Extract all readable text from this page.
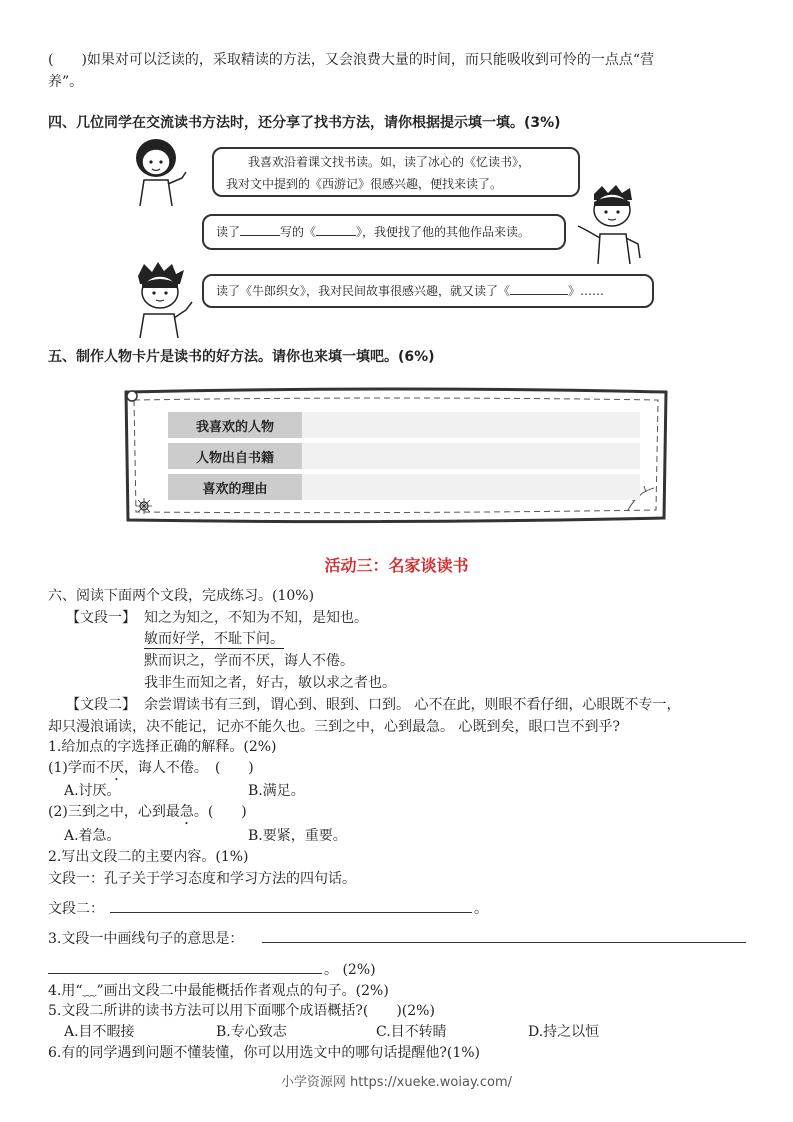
(　　)如果对可以泛读的，采取精读的方法，又会浪费大量的时间，而只能吸收到可怜的一点点“营
养”。
四、几位同学在交流读书方法时，还分享了找书方法，请你根据提示填一填。(3%)
我喜欢沿着课文找书读。如，读了冰心的《忆读书》，
我对文中提到的《西游记》很感兴趣，便找来读了。
读了	写的《	》，我便找了他的其他作品来读。
读了《牛郎织女》，我对民间故事很感兴趣，就又读了《	》……
五、制作人物卡片是读书的好方法。请你也来填一填吧。(6%)
我喜欢的人物
人物出自书籍
喜欢的理由
活动三：名家谈读书
六、阅读下面两个文段，完成练习。(10%)
【文段一】 知之为知之，不知为不知，是知也。
敏而好学，不耻下问。
默而识之，学而不厌，诲人不倦。
我非生而知之者，好古，敏以求之者也。
【文段二】 余尝谓读书有三到，谓心到、眼到、口到。 心不在此，则眼不看仔细，心眼既不专一，
却只漫浪诵读，决不能记，记亦不能久也。三到之中，心到最急。 心既到矣，眼口岂不到乎?
1.给加点的字选择正确的解释。(2%)
(1)学而不厌，诲人不倦。　(　　)
A.讨厌。	B.满足。
(2)三到之中，心到最急。(　　)
A.着急。	B.要紧，重要。
2.写出文段二的主要内容。(1%)
文段一：孔子关于学习态度和学习方法的四句话。
文段二：	。
3.文段一中画线句子的意思是：
。 (2%)
4.用“﹏”画出文段二中最能概括作者观点的句子。(2%)
5.文段二所讲的读书方法可以用下面哪个成语概括?(　　)(2%)
A.目不暇接	B.专心致志	C.目不转睛	D.持之以恒
6.有的同学遇到问题不懂装懂，你可以用选文中的哪句话提醒他?(1%)
小学资源网 https://xueke.woiay.com/
